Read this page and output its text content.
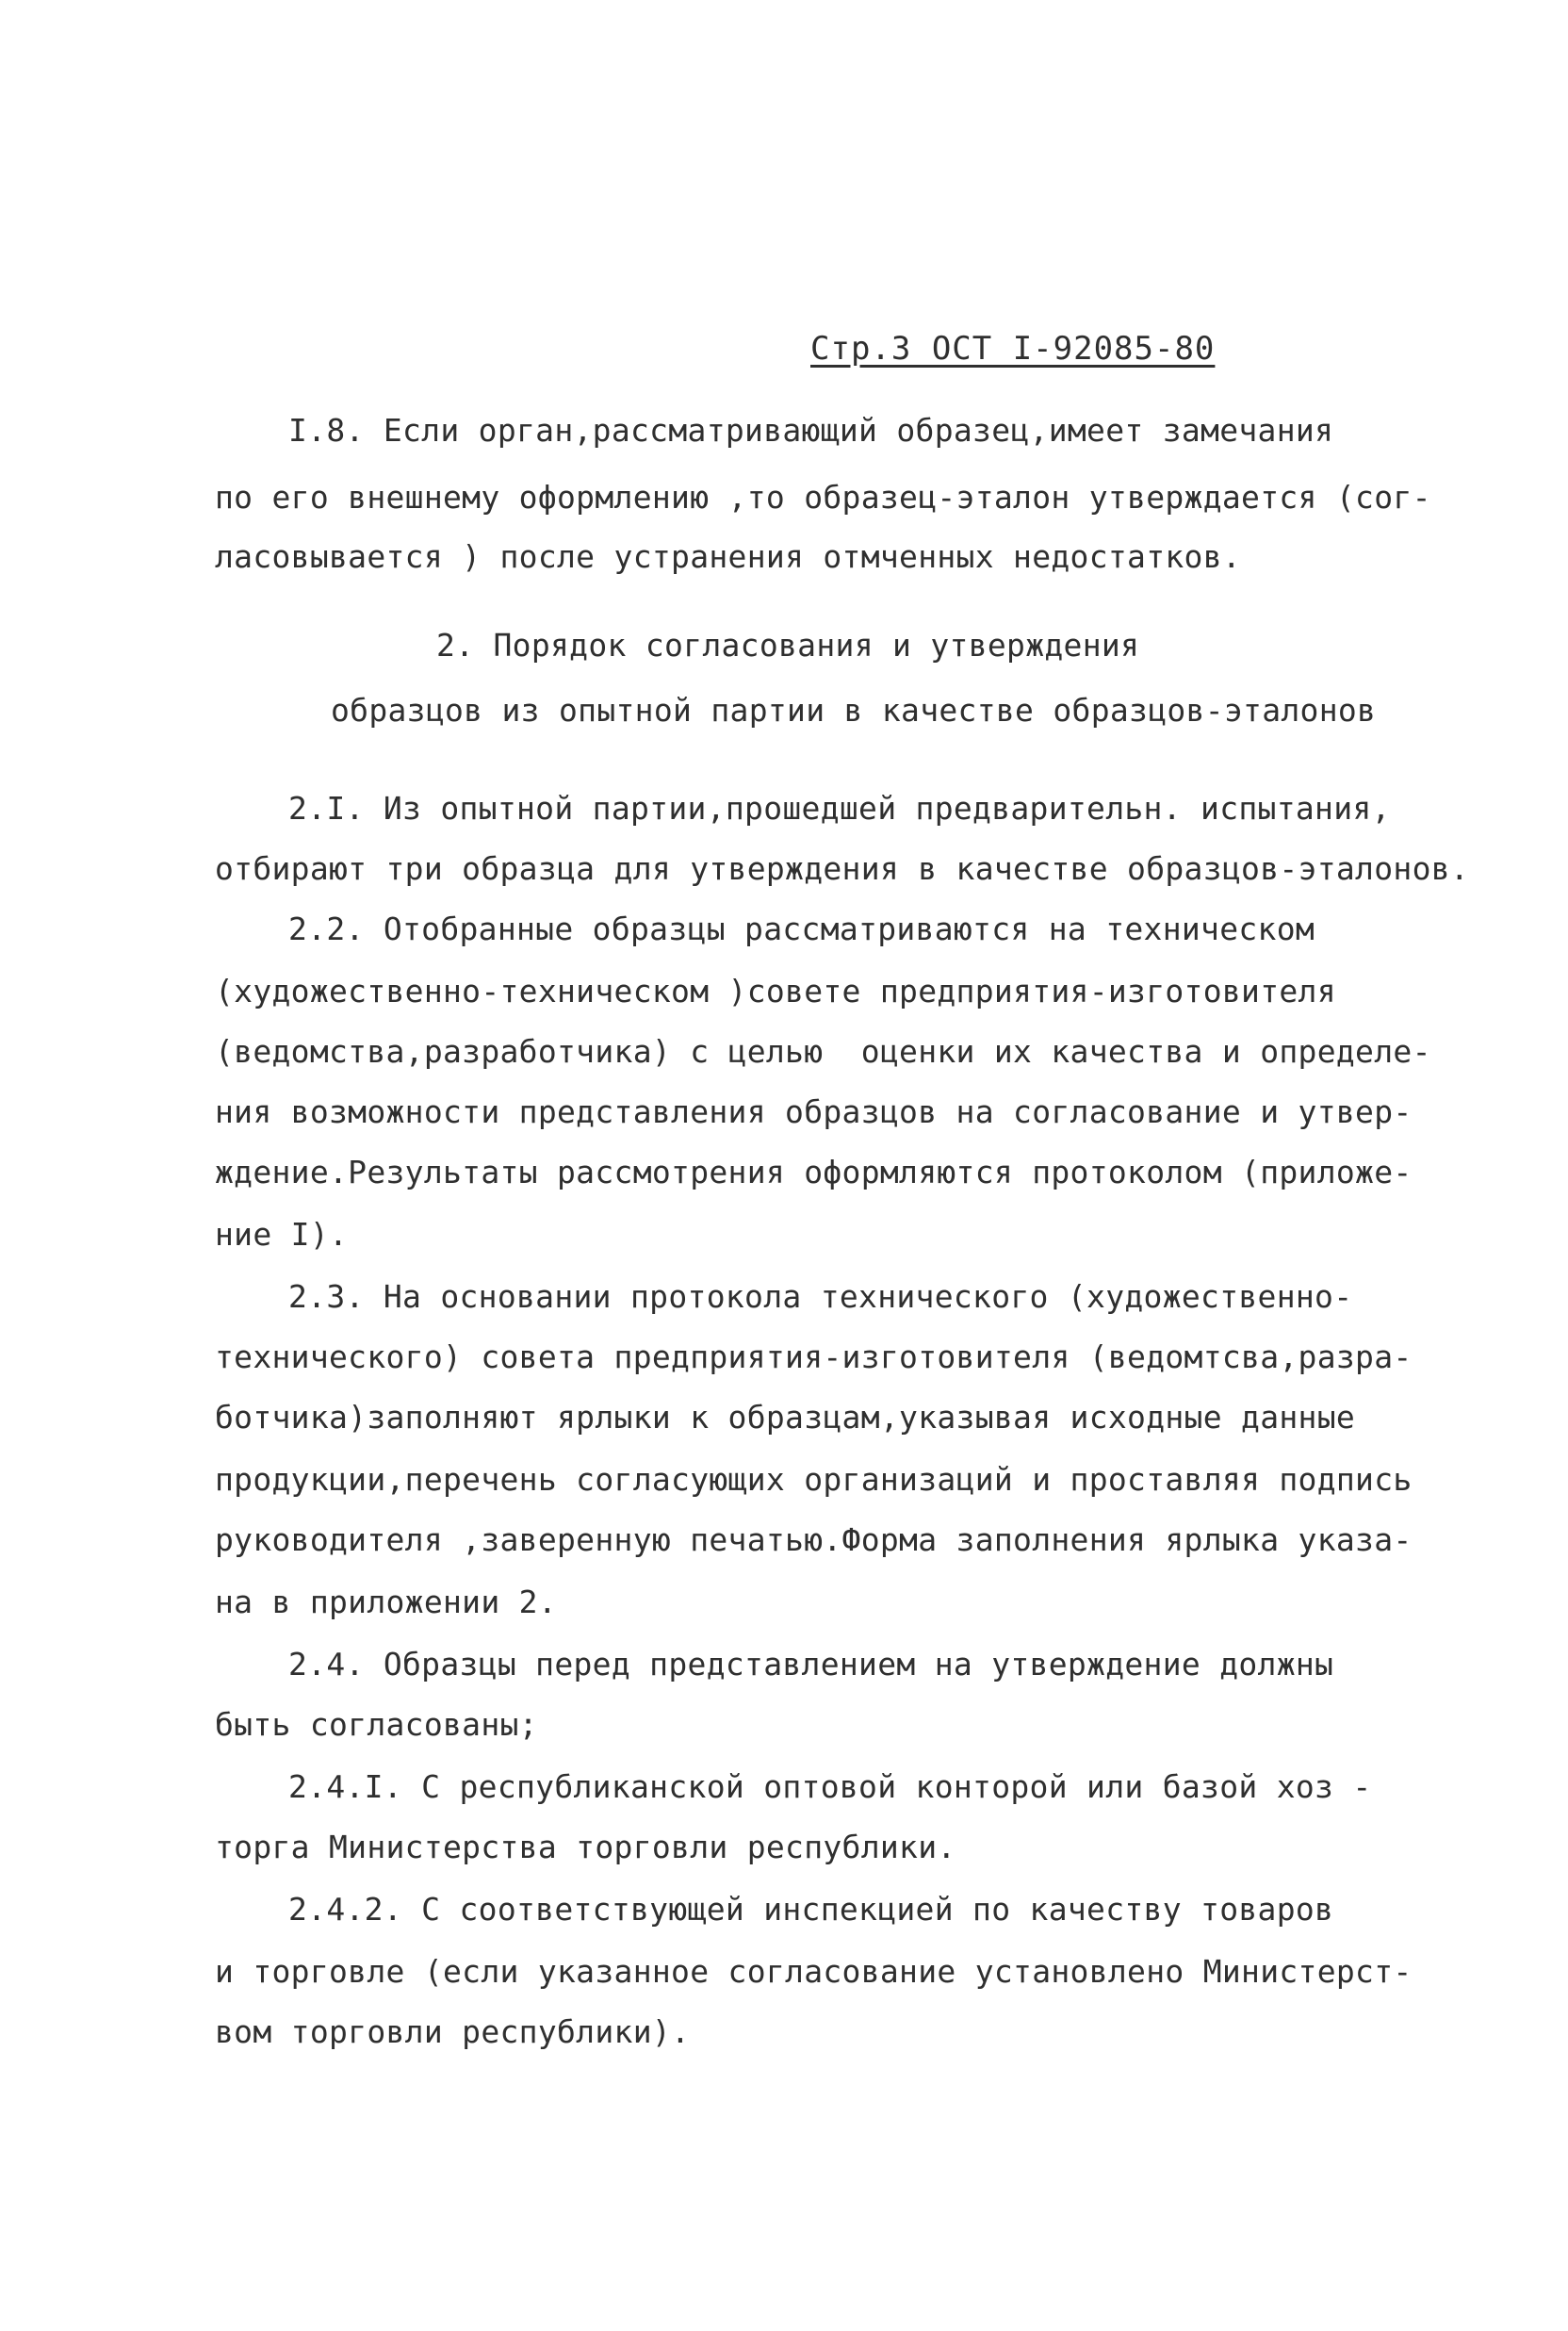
Стр.3 ОСТ I-92085-80
I.8. Если орган,рассматривающий образец,имеет замечания
по его внешнему оформлению ,то образец-эталон утверждается (сог-
ласовывается ) после устранения отмченных недостатков.
2. Порядок согласования и утверждения
образцов из опытной партии в качестве образцов-эталонов
2.I. Из опытной партии,прошедшей предварительн. испытания,
отбирают три образца для утверждения в качестве образцов-эталонов.
2.2. Отобранные образцы рассматриваются на техническом
(художественно-техническом )совете предприятия-изготовителя
(ведомства,разработчика) с целью  оценки их качества и определе-
ния возможности представления образцов на согласование и утвер-
ждение.Результаты рассмотрения оформляются протоколом (приложе-
ние I).
2.3. На основании протокола технического (художественно-
технического) совета предприятия-изготовителя (ведомтсва,разра-
ботчика)заполняют ярлыки к образцам,указывая исходные данные
продукции,перечень согласующих организаций и проставляя подпись
руководителя ,заверенную печатью.Форма заполнения ярлыка указа-
на в приложении 2.
2.4. Образцы перед представлением на утверждение должны
быть согласованы;
2.4.I. С республиканской оптовой конторой или базой хоз -
торга Министерства торговли республики.
2.4.2. С соответствующей инспекцией по качеству товаров
и торговле (если указанное согласование установлено Министерст-
вом торговли республики).
